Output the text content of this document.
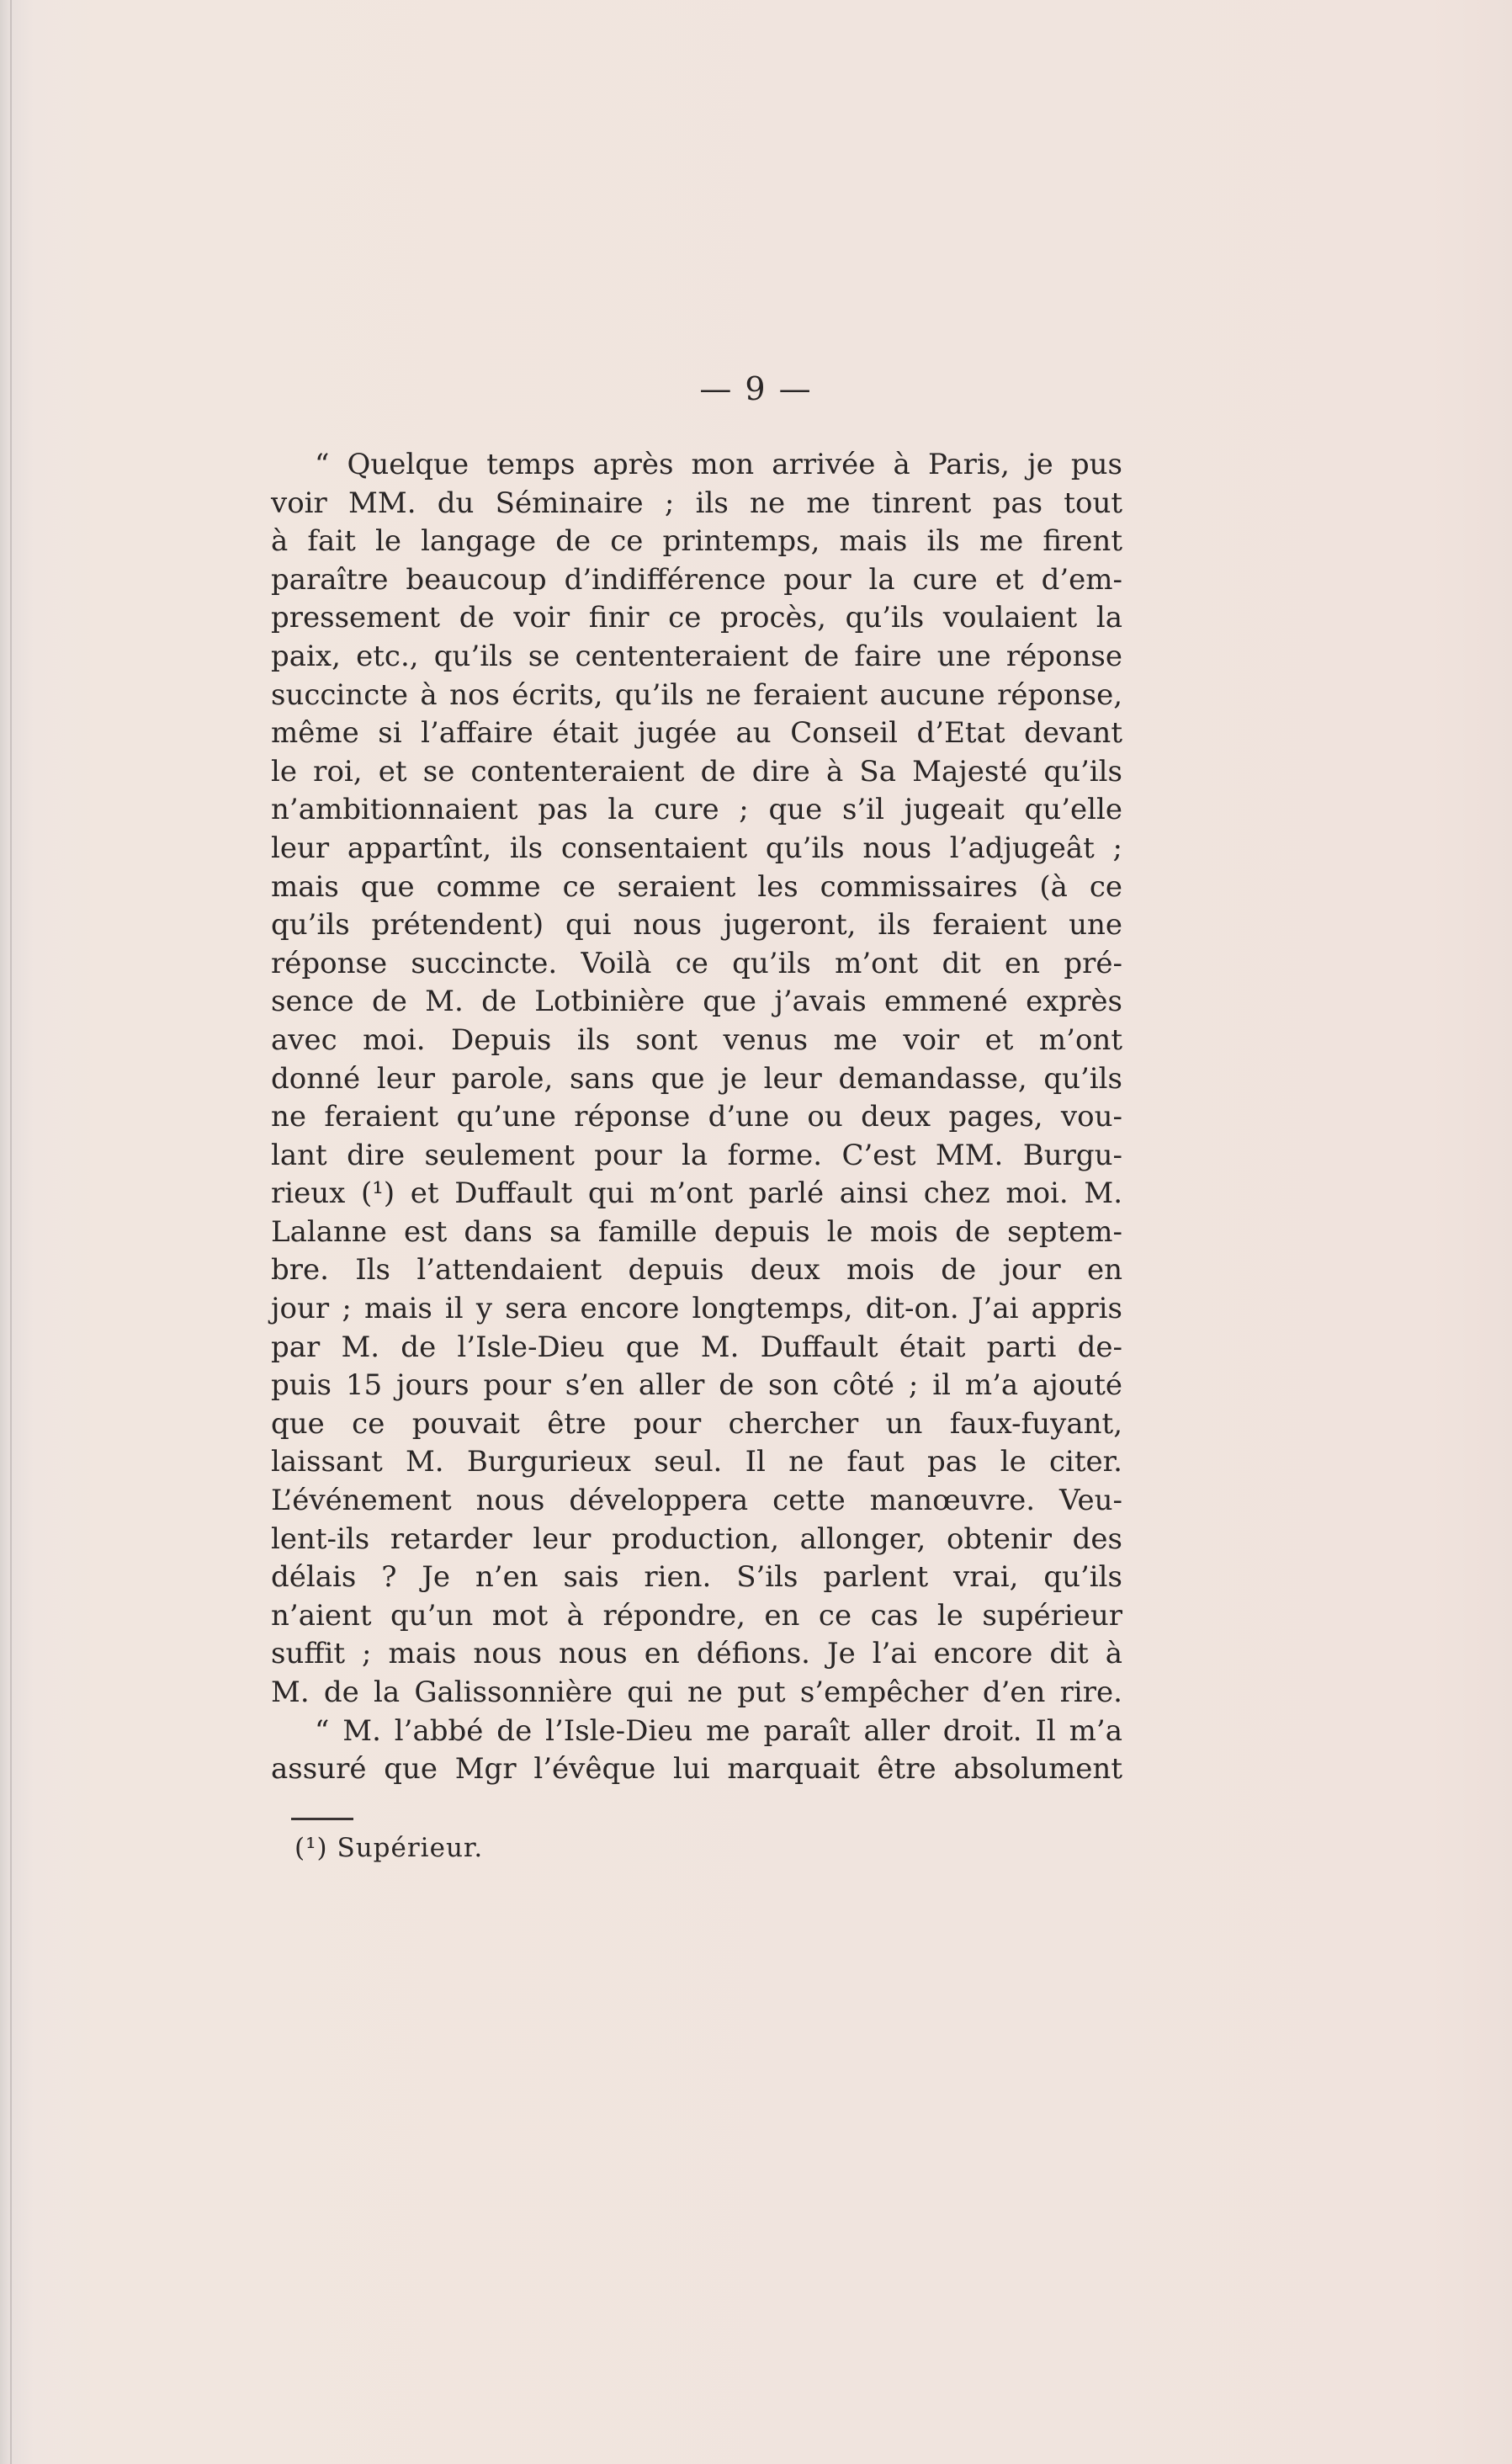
— 9 —
“ Quelque temps après mon arrivée à Paris, je pus
voir MM. du Séminaire ; ils ne me tinrent pas tout
à fait le langage de ce printemps, mais ils me firent
paraître beaucoup d’indifférence pour la cure et d’em-
pressement de voir finir ce procès, qu’ils voulaient la
paix, etc., qu’ils se cententeraient de faire une réponse
succincte à nos écrits, qu’ils ne feraient aucune réponse,
même si l’affaire était jugée au Conseil d’Etat devant
le roi, et se contenteraient de dire à Sa Majesté qu’ils
n’ambitionnaient pas la cure ; que s’il jugeait qu’elle
leur appartînt, ils consentaient qu’ils nous l’adjugeât ;
mais que comme ce seraient les commissaires (à ce
qu’ils prétendent) qui nous jugeront, ils feraient une
réponse succincte. Voilà ce qu’ils m’ont dit en pré-
sence de M. de Lotbinière que j’avais emmené exprès
avec moi. Depuis ils sont venus me voir et m’ont
donné leur parole, sans que je leur demandasse, qu’ils
ne feraient qu’une réponse d’une ou deux pages, vou-
lant dire seulement pour la forme. C’est MM. Burgu-
rieux (¹) et Duffault qui m’ont parlé ainsi chez moi. M.
Lalanne est dans sa famille depuis le mois de septem-
bre. Ils l’attendaient depuis deux mois de jour en
jour ; mais il y sera encore longtemps, dit-on. J’ai appris
par M. de l’Isle-Dieu que M. Duffault était parti de-
puis 15 jours pour s’en aller de son côté ; il m’a ajouté
que ce pouvait être pour chercher un faux-fuyant,
laissant M. Burgurieux seul. Il ne faut pas le citer.
L’événement nous développera cette manœuvre. Veu-
lent-ils retarder leur production, allonger, obtenir des
délais ? Je n’en sais rien. S’ils parlent vrai, qu’ils
n’aient qu’un mot à répondre, en ce cas le supérieur
suffit ; mais nous nous en défions. Je l’ai encore dit à
M. de la Galissonnière qui ne put s’empêcher d’en rire.
“ M. l’abbé de l’Isle-Dieu me paraît aller droit. Il m’a
assuré que Mgr l’évêque lui marquait être absolument
(¹) Supérieur.
